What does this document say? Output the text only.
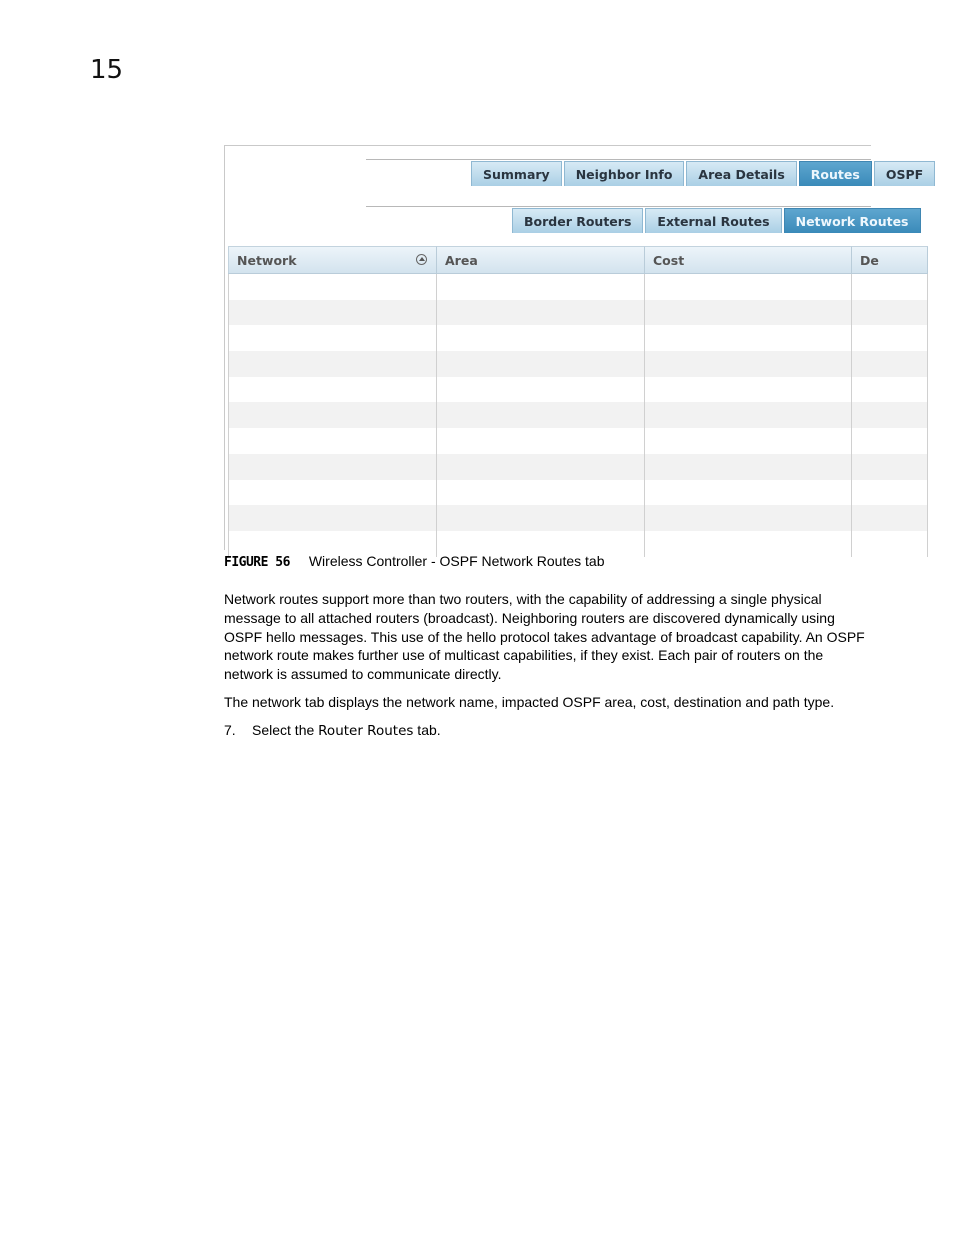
15
Summary	Neighbor Info	Area Details	Routes	OSPF
Border Routers	External Routes	Network Routes
Network	Area	Cost	De
FIGURE 56 Wireless Controller - OSPF Network Routes tab

Network routes support more than two routers, with the capability of addressing a single physical message to all attached routers (broadcast). Neighboring routers are discovered dynamically using OSPF hello messages. This use of the hello protocol takes advantage of broadcast capability. An OSPF network route makes further use of multicast capabilities, if they exist. Each pair of routers on the network is assumed to communicate directly.

The network tab displays the network name, impacted OSPF area, cost, destination and path type.

7. Select the Router Routes tab.
